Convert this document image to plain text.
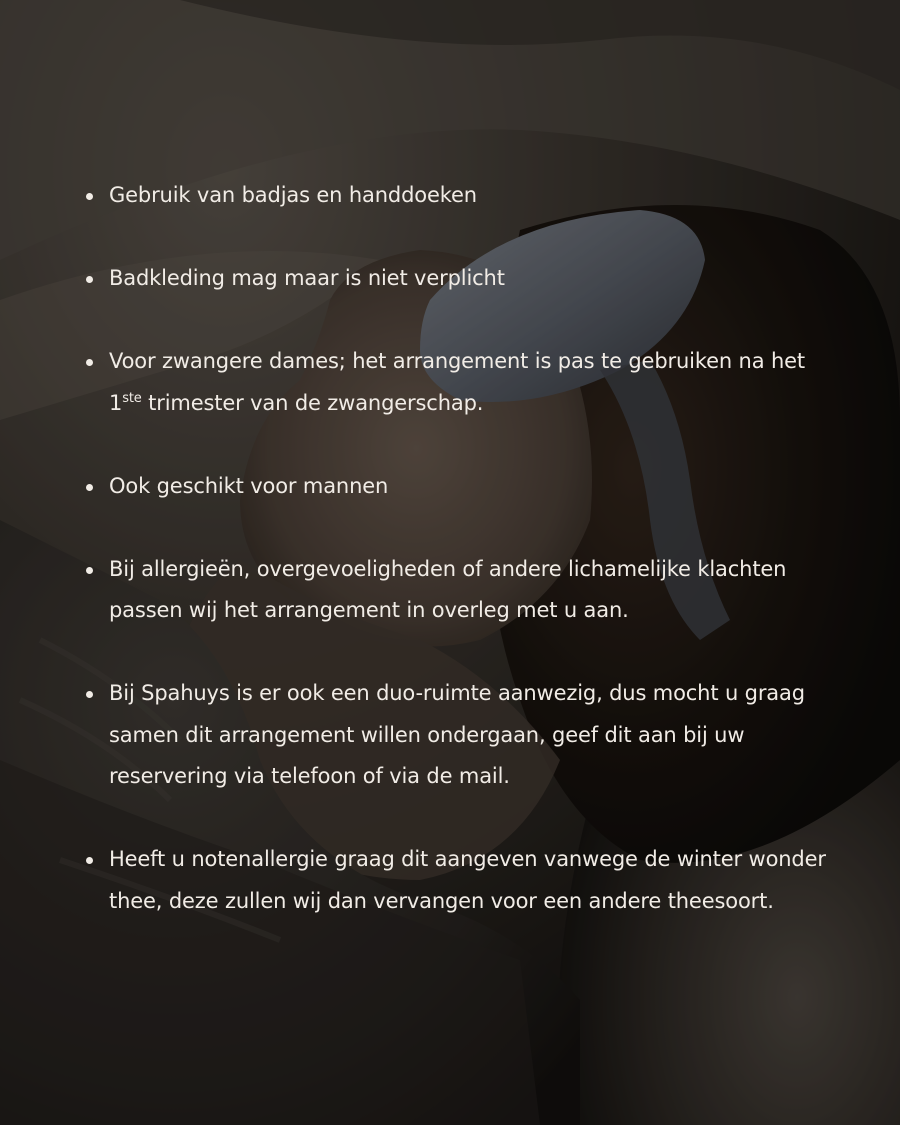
Gebruik van badjas en handdoeken
Badkleding mag maar is niet verplicht
Voor zwangere dames; het arrangement is pas te gebruiken na het 1ste trimester van de zwangerschap.
Ook geschikt voor mannen
Bij allergieën, overgevoeligheden of andere lichamelijke klachten passen wij het arrangement in overleg met u aan.
Bij Spahuys is er ook een duo-ruimte aanwezig, dus mocht u graag samen dit arrangement willen ondergaan, geef dit aan bij uw reservering via telefoon of via de mail.
Heeft u notenallergie graag dit aangeven vanwege de winter wonder thee, deze zullen wij dan vervangen voor een andere theesoort.
